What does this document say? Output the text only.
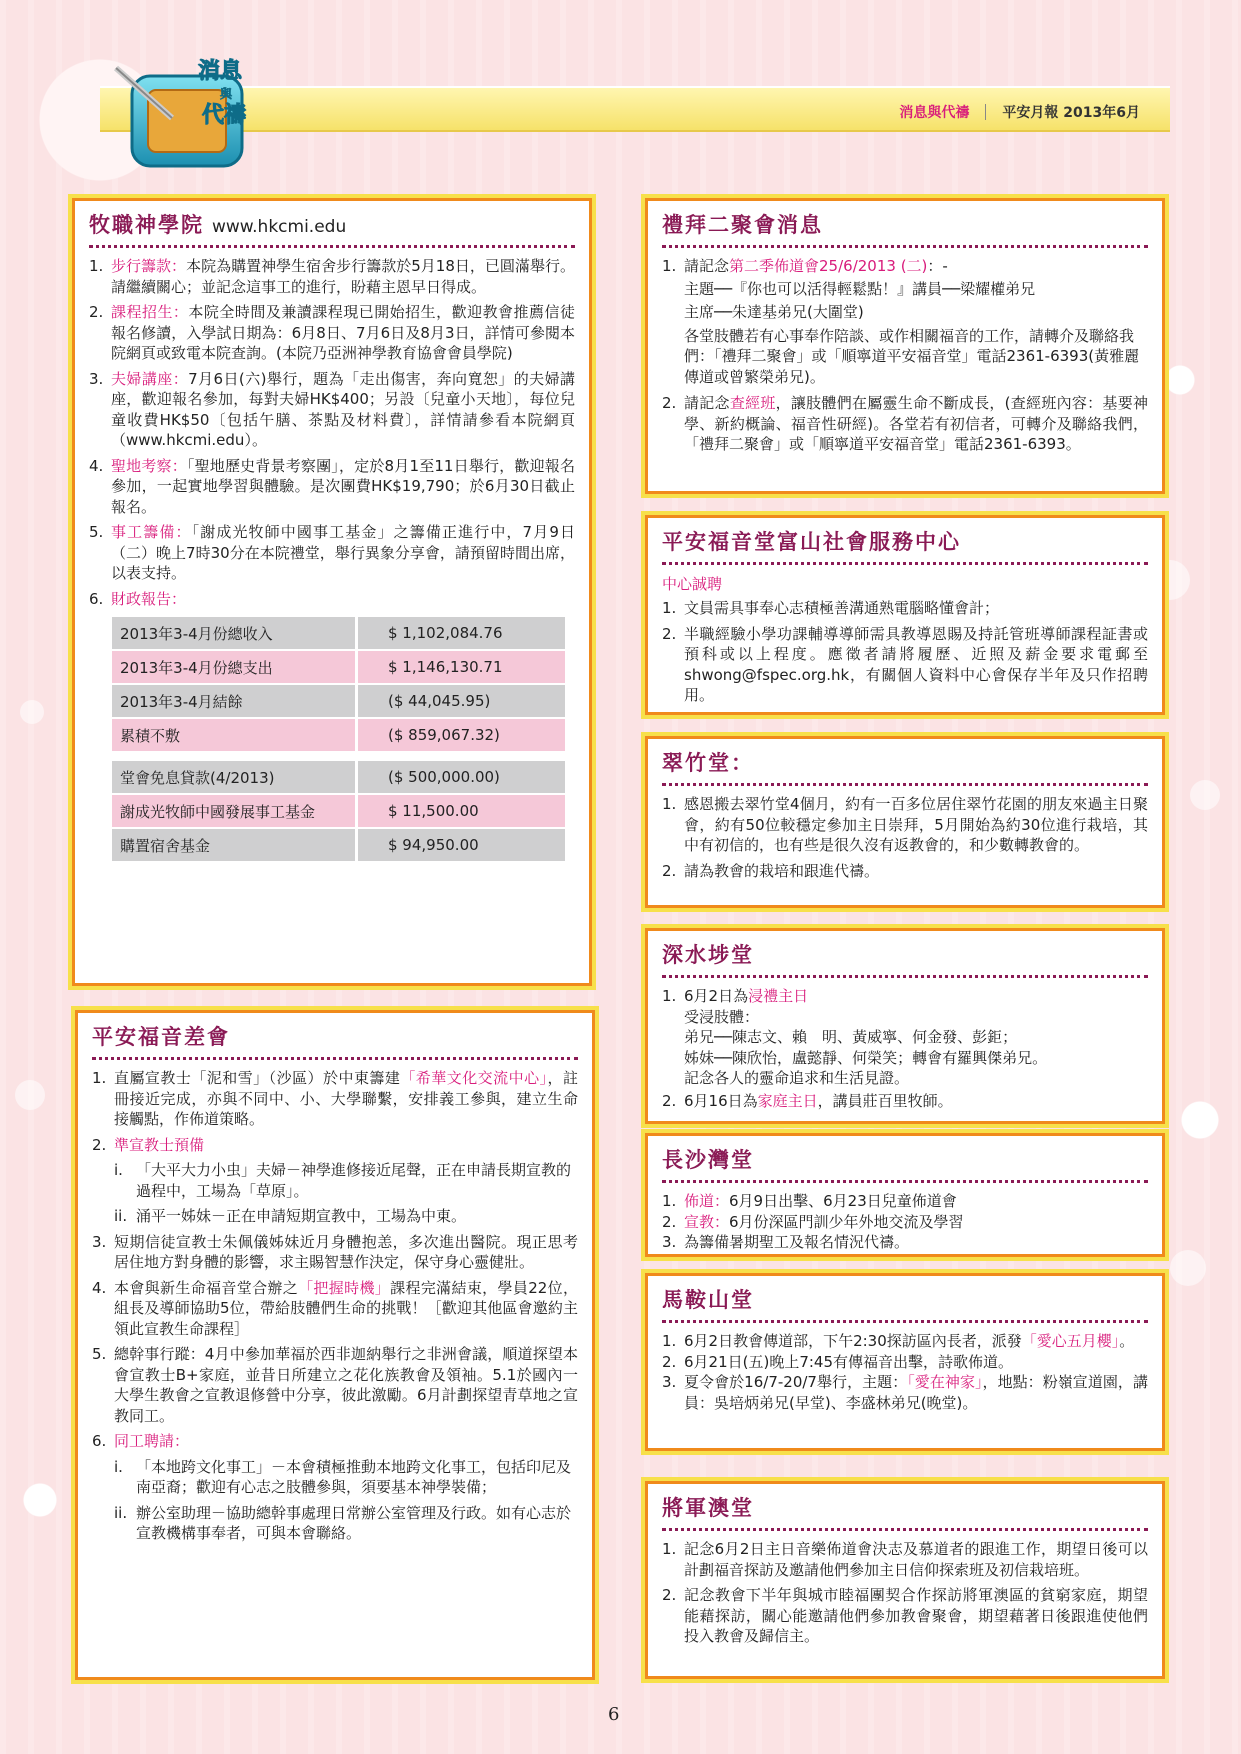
消息與代禱 平安月報 2013年6月
消息
與
代禱
牧職神學院 www.hkcmi.edu
1. 步行籌款：本院為購置神學生宿舍步行籌款於5月18日，已圓滿舉行。請繼續關心；並記念這事工的進行，盼藉主恩早日得成。
2. 課程招生：本院全時間及兼讀課程現已開始招生，歡迎教會推薦信徒報名修讀，入學試日期為：6月8日、7月6日及8月3日，詳情可參閱本院網頁或致電本院查詢。(本院乃亞洲神學教育協會會員學院)
3. 夫婦講座：7月6日(六)舉行，題為「走出傷害，奔向寬恕」的夫婦講座，歡迎報名參加，每對夫婦HK$400；另設〔兒童小天地〕，每位兒童收費HK$50〔包括午膳、茶點及材料費〕，詳情請參看本院網頁（www.hkcmi.edu）。
4. 聖地考察：「聖地歷史背景考察團」，定於8月1至11日舉行，歡迎報名參加，一起實地學習與體驗。是次團費HK$19,790；於6月30日截止報名。
5. 事工籌備：「謝成光牧師中國事工基金」之籌備正進行中，7月9日（二）晚上7時30分在本院禮堂，舉行異象分享會，請預留時間出席，以表支持。
6. 財政報告：
2013年3-4月份總收入	$ 1,102,084.76
2013年3-4月份總支出	$ 1,146,130.71
2013年3-4月結餘	($ 44,045.95)
累積不敷	($ 859,067.32)

堂會免息貸款(4/2013)	($ 500,000.00)
謝成光牧師中國發展事工基金	$ 11,500.00
購置宿舍基金	$ 94,950.00
平安福音差會
1. 直屬宣教士「泥和雪」（沙區）於中東籌建「希華文化交流中心」，註冊接近完成，亦與不同中、小、大學聯繫，安排義工參與，建立生命接觸點，作佈道策略。
2. 準宣教士預備
i. 「大平大力小虫」夫婦－神學進修接近尾聲，正在申請長期宣教的過程中，工場為「草原」。
ii. 涌平一姊妹－正在申請短期宣教中，工場為中東。
3. 短期信徒宣教士朱佩儀姊妹近月身體抱恙，多次進出醫院。現正思考居住地方對身體的影響，求主賜智慧作決定，保守身心靈健壯。
4. 本會與新生命福音堂合辦之「把握時機」課程完滿結束，學員22位，組長及導師協助5位，帶給肢體們生命的挑戰！［歡迎其他區會邀約主領此宣教生命課程］
5. 總幹事行蹤：4月中參加華福於西非迦納舉行之非洲會議，順道探望本會宣教士B+家庭，並昔日所建立之花化族教會及領袖。5.1於國內一大學生教會之宣教退修營中分享，彼此激勵。6月計劃探望青草地之宣教同工。
6. 同工聘請：
i. 「本地跨文化事工」－本會積極推動本地跨文化事工，包括印尼及南亞裔；歡迎有心志之肢體參與，須要基本神學裝備；
ii. 辦公室助理－協助總幹事處理日常辦公室管理及行政。如有心志於宣教機構事奉者，可與本會聯絡。
禮拜二聚會消息
1. 請記念第二季佈道會25/6/2013 (二)：-
主題──『你也可以活得輕鬆點！』講員──梁耀權弟兄
主席──朱達基弟兄(大圍堂)
各堂肢體若有心事奉作陪談、或作相關福音的工作，請轉介及聯絡我們：「禮拜二聚會」或「順寧道平安福音堂」電話2361-6393(黃雅麗傳道或曾繁榮弟兄)。
2. 請記念查經班，讓肢體們在屬靈生命不斷成長，(查經班內容：基要神學、新約概論、福音性研經)。各堂若有初信者，可轉介及聯絡我們，「禮拜二聚會」或「順寧道平安福音堂」電話2361-6393。
平安福音堂富山社會服務中心
中心誠聘
1. 文員需具事奉心志積極善溝通熟電腦略懂會計；
2. 半職經驗小學功課輔導導師需具教導恩賜及持託管班導師課程証書或預科或以上程度。應徵者請將履歷、近照及薪金要求電郵至shwong@fspec.org.hk，有關個人資料中心會保存半年及只作招聘用。
翠竹堂：
1. 感恩搬去翠竹堂4個月，約有一百多位居住翠竹花園的朋友來過主日聚會，約有50位較穩定參加主日崇拜，5月開始為約30位進行栽培，其中有初信的，也有些是很久沒有返教會的，和少數轉教會的。
2. 請為教會的栽培和跟進代禱。
深水埗堂
1. 6月2日為浸禮主日
受浸肢體：
弟兄──陳志文、賴　明、黃威寧、何金發、彭鉅；
姊妹──陳欣怡，盧懿靜、何榮笑；轉會有羅興傑弟兄。
記念各人的靈命追求和生活見證。
2. 6月16日為家庭主日，講員莊百里牧師。
長沙灣堂
1. 佈道：6月9日出擊、6月23日兒童佈道會
2. 宣教：6月份深區門訓少年外地交流及學習
3. 為籌備暑期聖工及報名情況代禱。
馬鞍山堂
1. 6月2日教會傳道部，下午2:30探訪區內長者，派發「愛心五月櫻」。
2. 6月21日(五)晚上7:45有傳福音出擊，詩歌佈道。
3. 夏令會於16/7-20/7舉行，主題：「愛在神家」，地點：粉嶺宣道園，講員：吳培炳弟兄(早堂)、李盛林弟兄(晚堂)。
將軍澳堂
1. 記念6月2日主日音樂佈道會決志及慕道者的跟進工作，期望日後可以計劃福音探訪及邀請他們參加主日信仰探索班及初信栽培班。
2. 記念教會下半年與城市睦福團契合作探訪將軍澳區的貧窮家庭，期望能藉探訪，關心能邀請他們參加教會聚會，期望藉著日後跟進使他們投入教會及歸信主。
6
